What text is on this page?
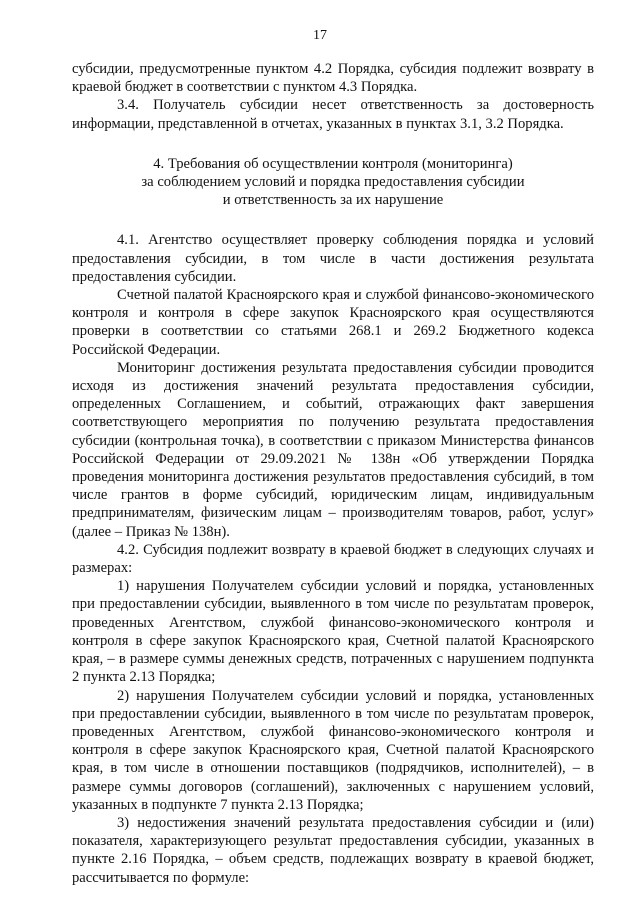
17

субсидии, предусмотренные пунктом 4.2 Порядка, субсидия подлежит возврату в краевой бюджет в соответствии с пунктом 4.3 Порядка.

3.4. Получатель субсидии несет ответственность за достоверность информации, представленной в отчетах, указанных в пунктах 3.1, 3.2 Порядка.

4. Требования об осуществлении контроля (мониторинга)
за соблюдением условий и порядка предоставления субсидии
и ответственность за их нарушение

4.1. Агентство осуществляет проверку соблюдения порядка и условий предоставления субсидии, в том числе в части достижения результата предоставления субсидии.

Счетной палатой Красноярского края и службой финансово-экономического контроля и контроля в сфере закупок Красноярского края осуществляются проверки в соответствии со статьями 268.1 и 269.2 Бюджетного кодекса Российской Федерации.

Мониторинг достижения результата предоставления субсидии проводится исходя из достижения значений результата предоставления субсидии, определенных Соглашением, и событий, отражающих факт завершения соответствующего мероприятия по получению результата предоставления субсидии (контрольная точка), в соответствии с приказом Министерства финансов Российской Федерации от 29.09.2021 № 138н «Об утверждении Порядка проведения мониторинга достижения результатов предоставления субсидий, в том числе грантов в форме субсидий, юридическим лицам, индивидуальным предпринимателям, физическим лицам – производителям товаров, работ, услуг» (далее – Приказ № 138н).

4.2. Субсидия подлежит возврату в краевой бюджет в следующих случаях и размерах:

1) нарушения Получателем субсидии условий и порядка, установленных при предоставлении субсидии, выявленного в том числе по результатам проверок, проведенных Агентством, службой финансово-экономического контроля и контроля в сфере закупок Красноярского края, Счетной палатой Красноярского края, – в размере суммы денежных средств, потраченных с нарушением подпункта 2 пункта 2.13 Порядка;

2) нарушения Получателем субсидии условий и порядка, установленных при предоставлении субсидии, выявленного в том числе по результатам проверок, проведенных Агентством, службой финансово-экономического контроля и контроля в сфере закупок Красноярского края, Счетной палатой Красноярского края, в том числе в отношении поставщиков (подрядчиков, исполнителей), – в размере суммы договоров (соглашений), заключенных с нарушением условий, указанных в подпункте 7 пункта 2.13 Порядка;

3) недостижения значений результата предоставления субсидии и (или) показателя, характеризующего результат предоставления субсидии, указанных в пункте 2.16 Порядка, – объем средств, подлежащих возврату в краевой бюджет, рассчитывается по формуле:
